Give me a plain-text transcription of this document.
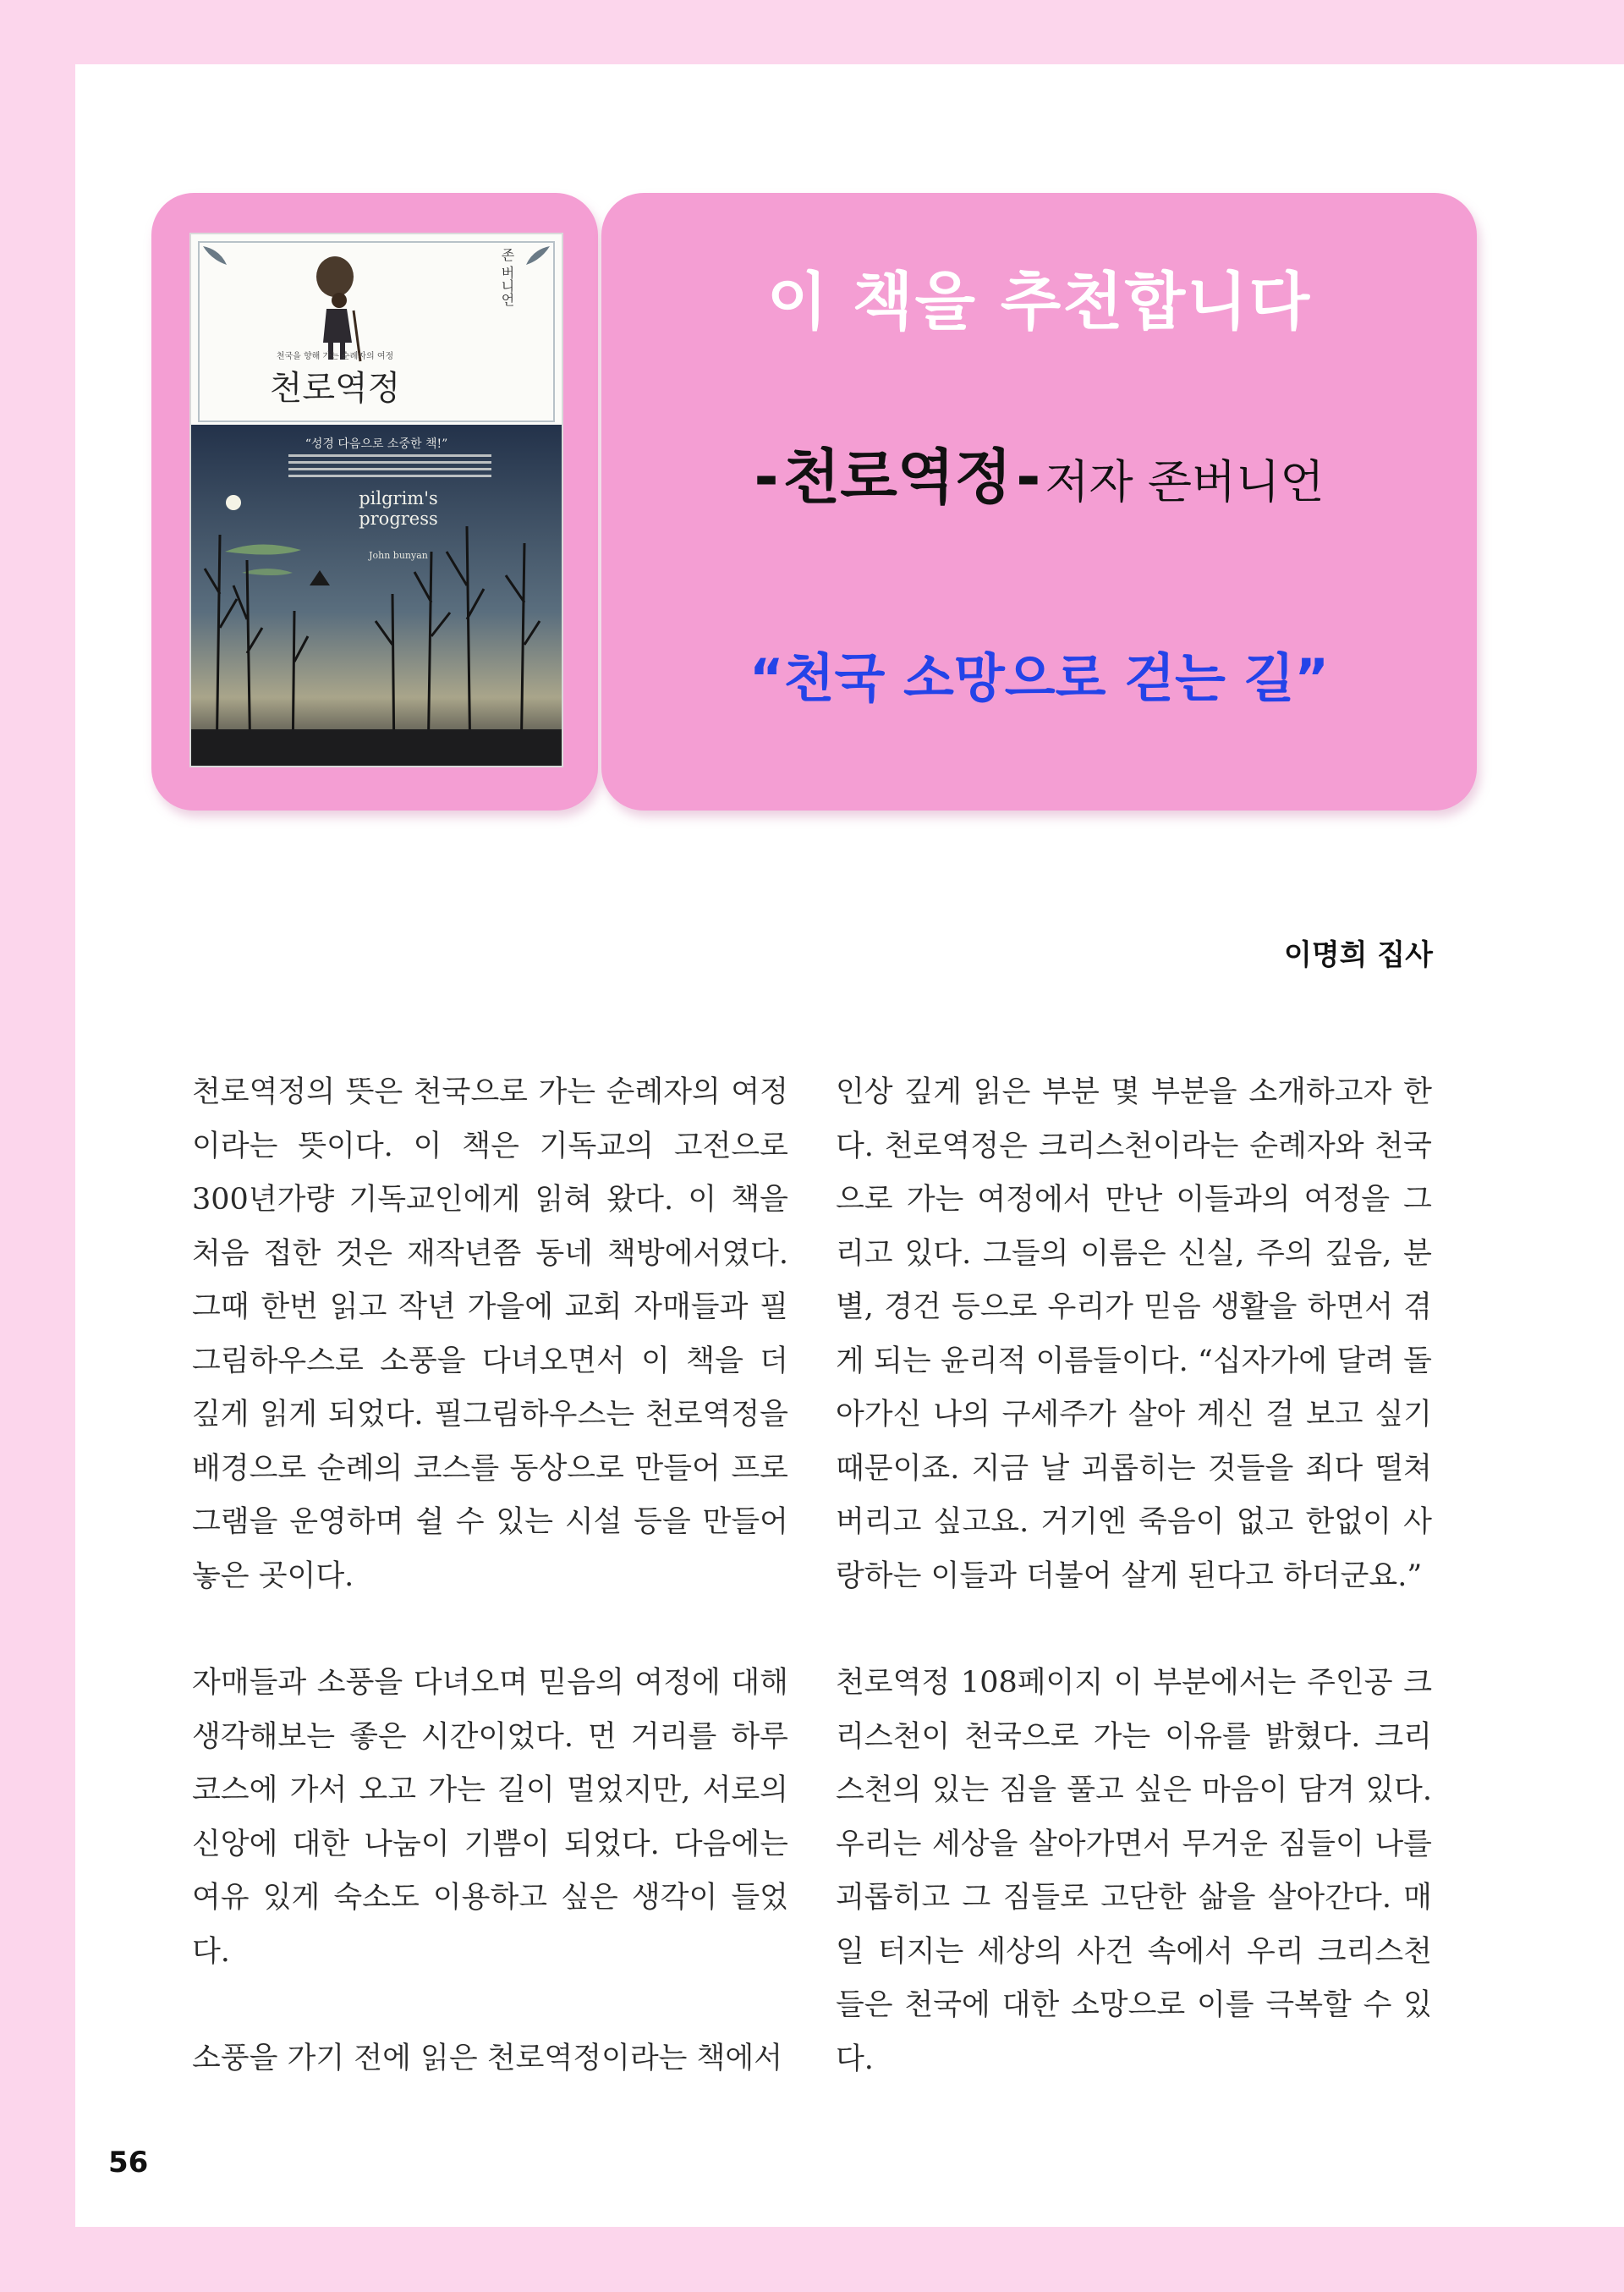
천국을 향해 가는 순례자의 여정
천로역정
존 버니언
“성경 다음으로 소중한 책!”
pilgrim's progress
John bunyan
이 책을 추천합니다
- 천로역정 - 저자 존버니언
“천국 소망으로 걷는 길”
이명희 집사

천로역정의 뜻은 천국으로 가는 순례자의 여정이라는 뜻이다. 이 책은 기독교의 고전으로 300년가량 기독교인에게 읽혀 왔다. 이 책을 처음 접한 것은 재작년쯤 동네 책방에서였다. 그때 한번 읽고 작년 가을에 교회 자매들과 필그림하우스로 소풍을 다녀오면서 이 책을 더 깊게 읽게 되었다. 필그림하우스는 천로역정을 배경으로 순례의 코스를 동상으로 만들어 프로그램을 운영하며 쉴 수 있는 시설 등을 만들어 놓은 곳이다.

자매들과 소풍을 다녀오며 믿음의 여정에 대해 생각해보는 좋은 시간이었다. 먼 거리를 하루 코스에 가서 오고 가는 길이 멀었지만, 서로의 신앙에 대한 나눔이 기쁨이 되었다. 다음에는 여유 있게 숙소도 이용하고 싶은 생각이 들었다.

소풍을 가기 전에 읽은 천로역정이라는 책에서

인상 깊게 읽은 부분 몇 부분을 소개하고자 한다. 천로역정은 크리스천이라는 순례자와 천국으로 가는 여정에서 만난 이들과의 여정을 그리고 있다. 그들의 이름은 신실, 주의 깊음, 분별, 경건 등으로 우리가 믿음 생활을 하면서 겪게 되는 윤리적 이름들이다. “십자가에 달려 돌아가신 나의 구세주가 살아 계신 걸 보고 싶기 때문이죠. 지금 날 괴롭히는 것들을 죄다 떨쳐버리고 싶고요. 거기엔 죽음이 없고 한없이 사랑하는 이들과 더불어 살게 된다고 하더군요.”

천로역정 108페이지 이 부분에서는 주인공 크리스천이 천국으로 가는 이유를 밝혔다. 크리스천의 있는 짐을 풀고 싶은 마음이 담겨 있다. 우리는 세상을 살아가면서 무거운 짐들이 나를 괴롭히고 그 짐들로 고단한 삶을 살아간다. 매일 터지는 세상의 사건 속에서 우리 크리스천들은 천국에 대한 소망으로 이를 극복할 수 있다.

56
